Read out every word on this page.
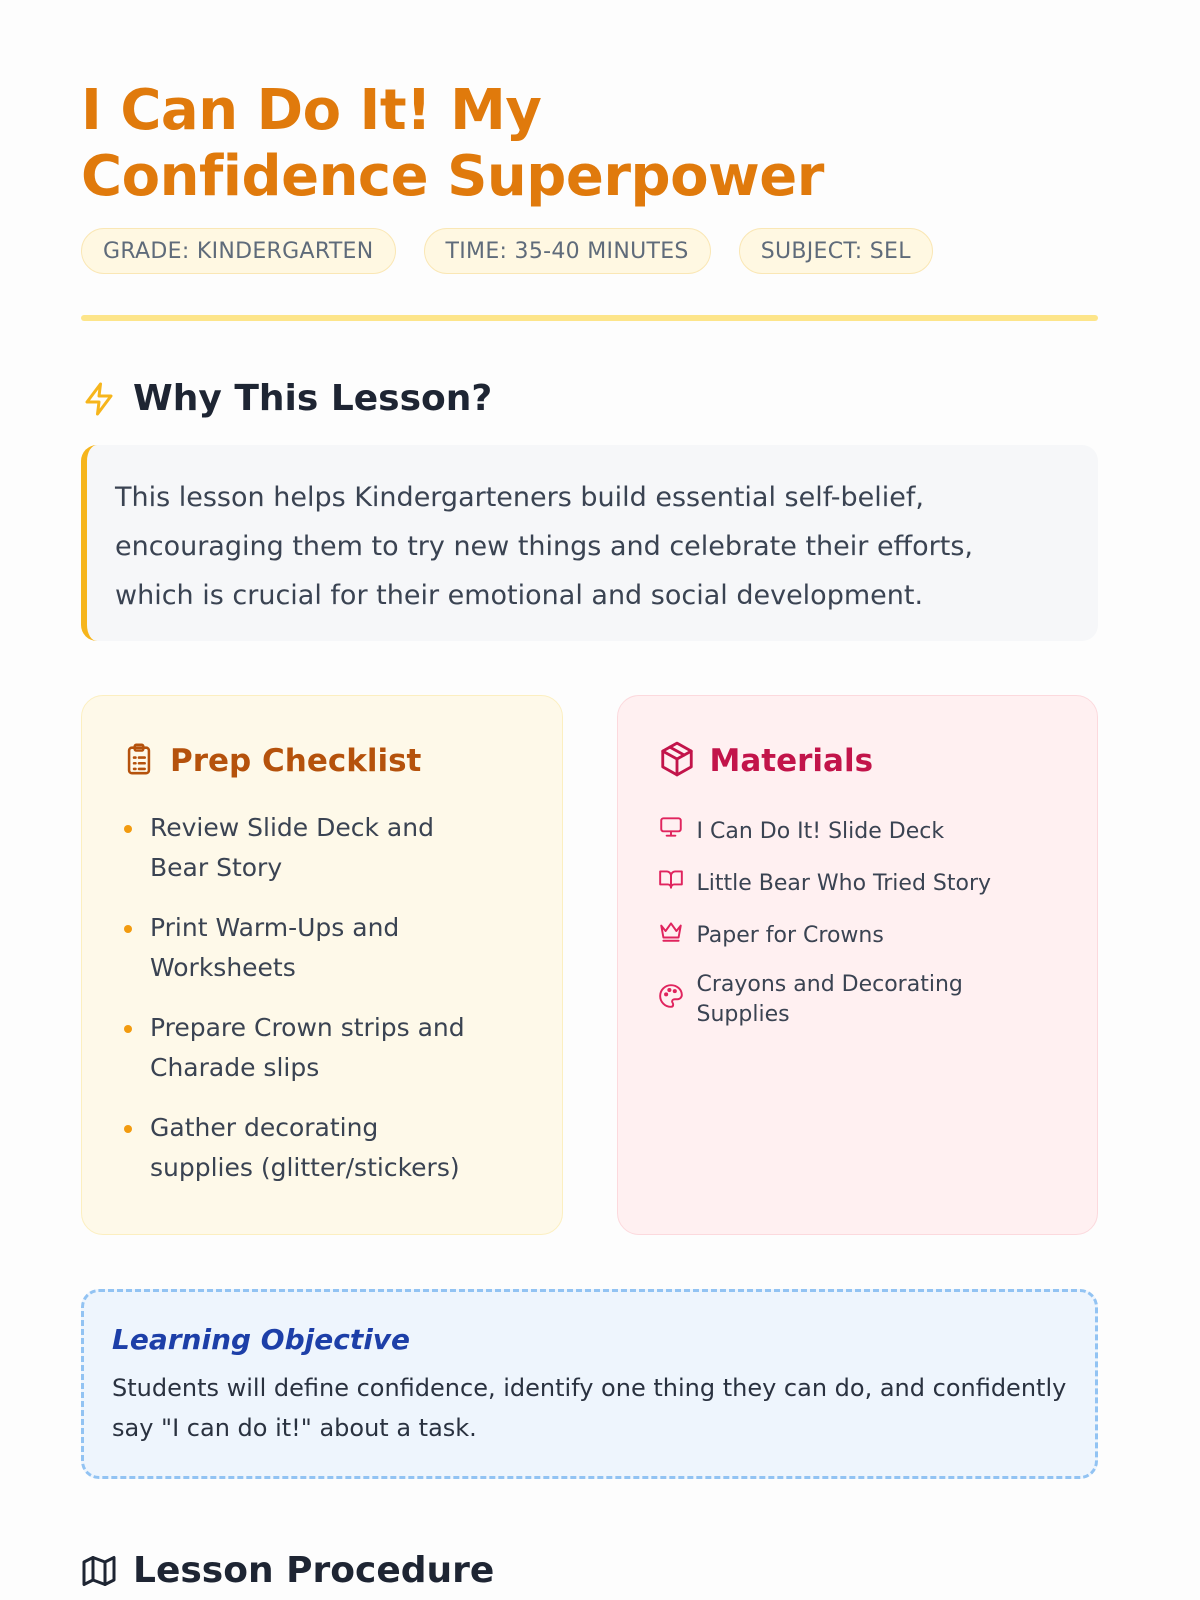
I Can Do It! My Confidence Superpower
GRADE: KINDERGARTEN	TIME: 35-40 MINUTES	SUBJECT: SEL
Why This Lesson?
This lesson helps Kindergarteners build essential self-belief, encouraging them to try new things and celebrate their efforts, which is crucial for their emotional and social development.
Prep Checklist
Review Slide Deck and Bear Story
Print Warm-Ups and Worksheets
Prepare Crown strips and Charade slips
Gather decorating supplies (glitter/stickers)
Materials
I Can Do It! Slide Deck
Little Bear Who Tried Story
Paper for Crowns
Crayons and Decorating Supplies
Learning Objective

Students will define confidence, identify one thing they can do, and confidently say "I can do it!" about a task.

Lesson Procedure
